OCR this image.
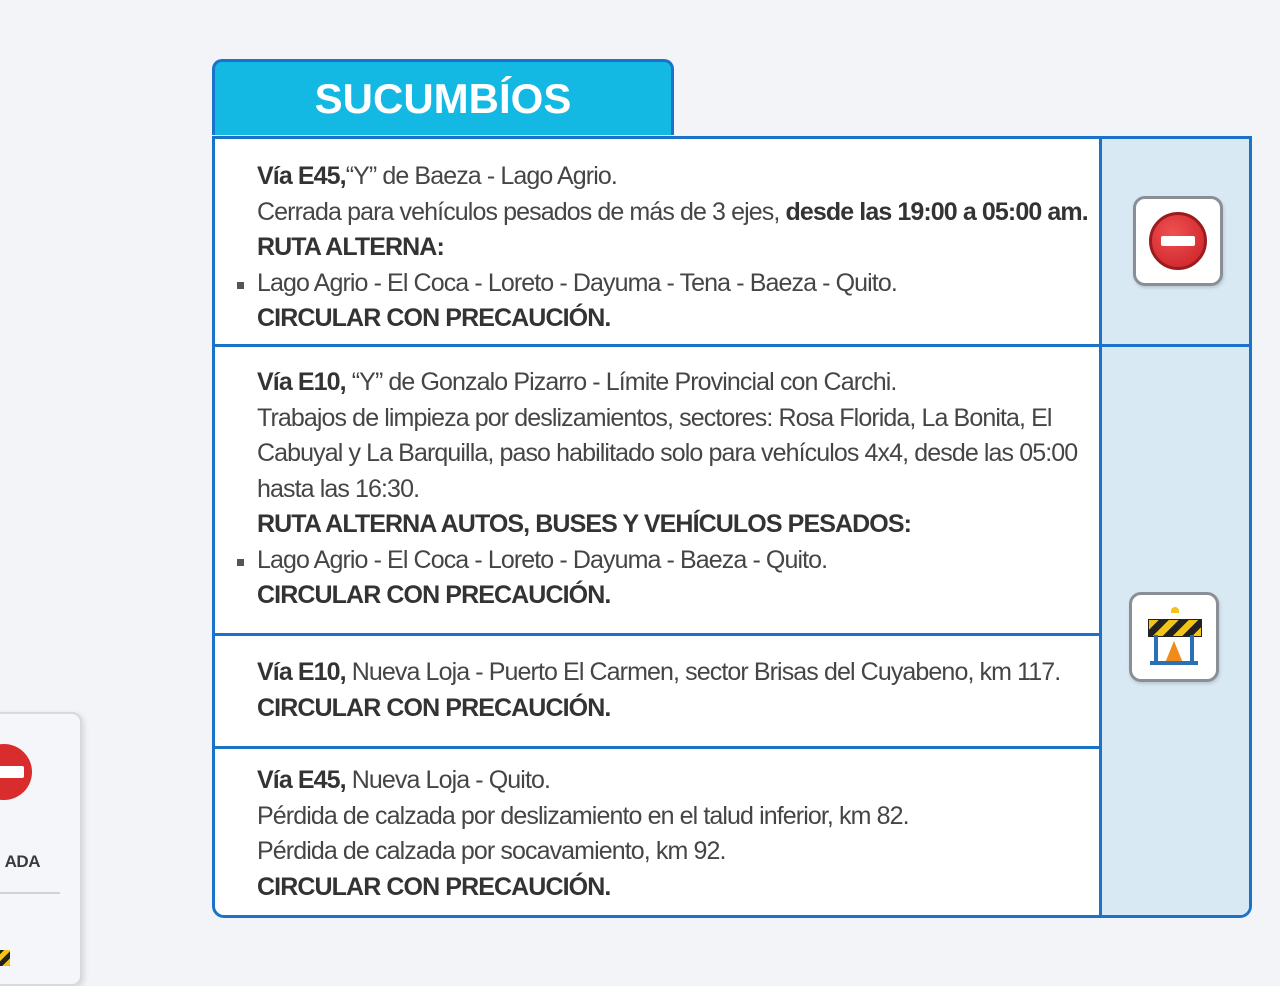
ADA
SUCUMBÍOS

Vía E45,“Y” de Baeza - Lago Agrio.

Cerrada para vehículos pesados de más de 3 ejes, desde las 19:00 a 05:00 am.

RUTA ALTERNA:

Lago Agrio - El Coca - Loreto - Dayuma - Tena - Baeza - Quito.

CIRCULAR CON PRECAUCIÓN.

Vía E10, “Y” de Gonzalo Pizarro - Límite Provincial con Carchi.

Trabajos de limpieza por deslizamientos, sectores: Rosa Florida, La Bonita, El Cabuyal y La Barquilla, paso habilitado solo para vehículos 4x4, desde las 05:00 hasta las 16:30.

RUTA ALTERNA AUTOS, BUSES Y VEHÍCULOS PESADOS:

Lago Agrio - El Coca - Loreto - Dayuma - Baeza - Quito.

CIRCULAR CON PRECAUCIÓN.

Vía E10, Nueva Loja - Puerto El Carmen, sector Brisas del Cuyabeno, km 117.

CIRCULAR CON PRECAUCIÓN.

Vía E45, Nueva Loja - Quito.

Pérdida de calzada por deslizamiento en el talud inferior, km 82.

Pérdida de calzada por socavamiento, km 92.

CIRCULAR CON PRECAUCIÓN.
